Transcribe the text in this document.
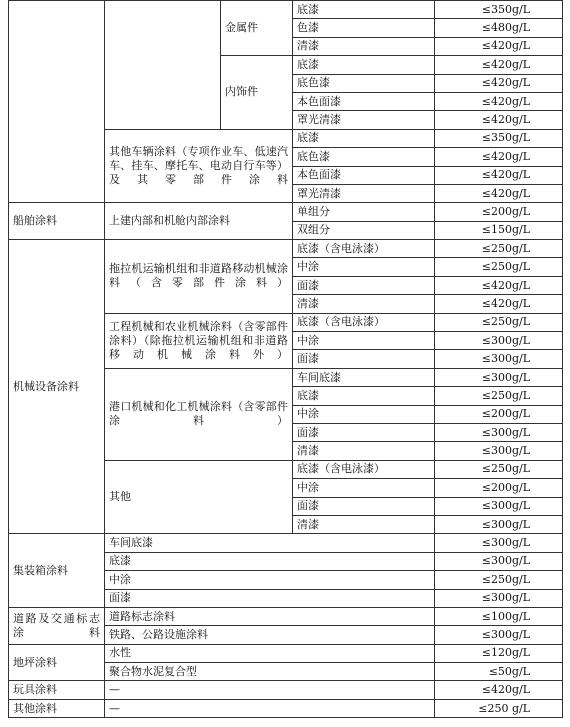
		金属件	底漆	≤350g/L
			色漆	≤480g/L
			清漆	≤420g/L
		内饰件	底漆	≤420g/L
			底色漆	≤420g/L
			本色面漆	≤420g/L
			罩光清漆	≤420g/L
	其他车辆涂料（专项作业车、低速汽车、挂车、摩托车、电动自行车等）及其零部件涂料		底漆	≤350g/L
			底色漆	≤420g/L
			本色面漆	≤420g/L
			罩光清漆	≤420g/L
船舶涂料	上建内部和机舱内部涂料		单组分	≤200g/L
			双组分	≤150g/L
机械设备涂料	拖拉机运输机组和非道路移动机械涂料（含零部件涂料）		底漆（含电泳漆）	≤250g/L
			中涂	≤250g/L
			面漆	≤420g/L
			清漆	≤420g/L
	工程机械和农业机械涂料（含零部件涂料）（除拖拉机运输机组和非道路移动机械涂料外）		底漆（含电泳漆）	≤250g/L
			中涂	≤300g/L
			面漆	≤300g/L
	港口机械和化工机械涂料（含零部件涂料）		车间底漆	≤300g/L
			底漆	≤250g/L
			中涂	≤200g/L
			面漆	≤300g/L
			清漆	≤300g/L
	其他		底漆（含电泳漆）	≤250g/L
			中涂	≤200g/L
			面漆	≤300g/L
			清漆	≤300g/L
集装箱涂料	车间底漆			≤300g/L
	底漆			≤300g/L
	中涂			≤250g/L
	面漆			≤300g/L
道路及交通标志涂料	道路标志涂料			≤100g/L
	铁路、公路设施涂料			≤300g/L
地坪涂料	水性			≤120g/L
	聚合物水泥复合型			≤50g/L
玩具涂料	—			≤420g/L
其他涂料	—			≤250 g/L
